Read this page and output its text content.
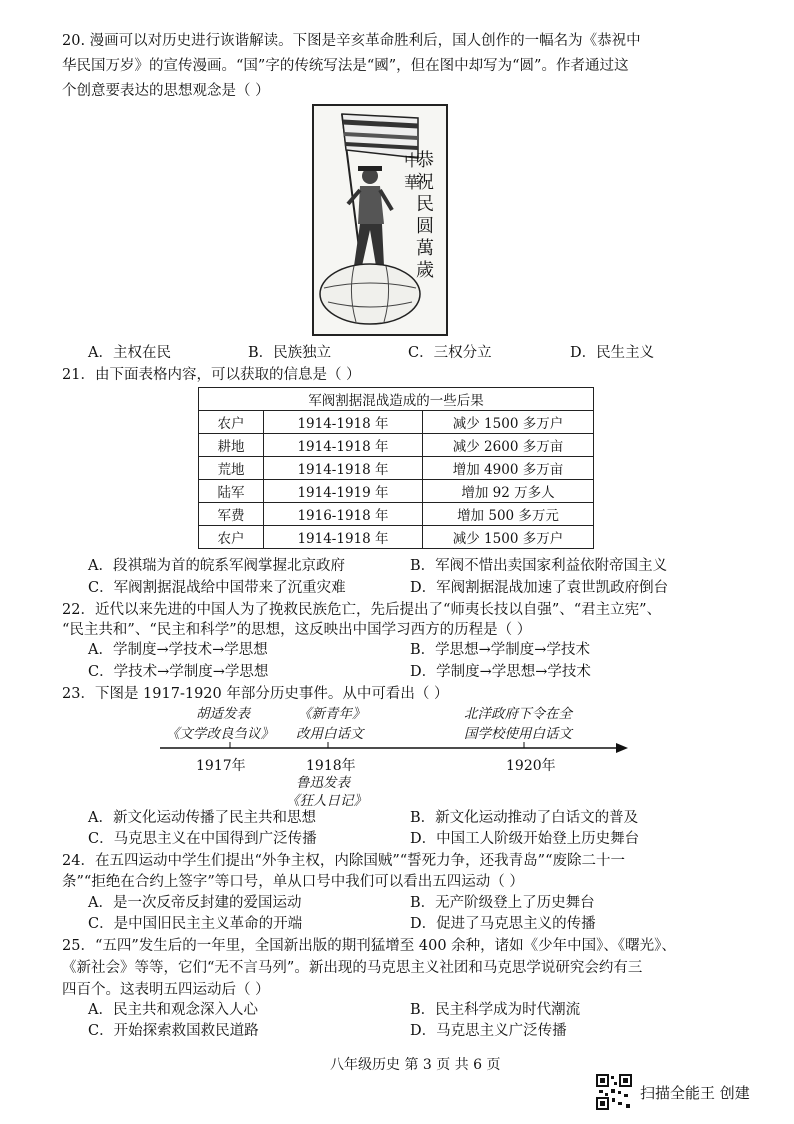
20. 漫画可以对历史进行诙谐解读。下图是辛亥革命胜利后，国人创作的一幅名为《恭祝中
华民国万岁》的宣传漫画。“国”字的传统写法是“國”，但在图中却写为“圆”。作者通过这
个创意要表达的思想观念是（ ）
恭祝民圆萬歲
中華
A．主权在民	B．民族独立	C．三权分立	D．民生主义
21．由下面表格内容，可以获取的信息是（ ）
军阀割据混战造成的一些后果		
农户	1914-1918 年	减少 1500 多万户
耕地	1914-1918 年	减少 2600 多万亩
荒地	1914-1918 年	增加 4900 多万亩
陆军	1914-1919 年	增加 92 万多人
军费	1916-1918 年	增加 500 多万元
农户	1914-1918 年	减少 1500 多万户
A．段祺瑞为首的皖系军阀掌握北京政府	B．军阀不惜出卖国家利益依附帝国主义
C．军阀割据混战给中国带来了沉重灾难	D．军阀割据混战加速了袁世凯政府倒台
22．近代以来先进的中国人为了挽救民族危亡，先后提出了“师夷长技以自强”、“君主立宪”、
“民主共和”、“民主和科学”的思想，这反映出中国学习西方的历程是（ ）
A．学制度→学技术→学思想	B．学思想→学制度→学技术
C．学技术→学制度→学思想	D．学制度→学思想→学技术
23．下图是 1917-1920 年部分历史事件。从中可看出（ ）
胡适发表
《文学改良刍议》
《新青年》
改用白话文
北洋政府下令在全
国学校使用白话文
1917年	1918年	1920年
鲁迅发表
《狂人日记》
A．新文化运动传播了民主共和思想	B．新文化运动推动了白话文的普及
C．马克思主义在中国得到广泛传播	D．中国工人阶级开始登上历史舞台
24．在五四运动中学生们提出“外争主权，内除国贼”“誓死力争，还我青岛”“废除二十一
条”“拒绝在合约上签字”等口号，单从口号中我们可以看出五四运动（ ）
A．是一次反帝反封建的爱国运动	B．无产阶级登上了历史舞台
C．是中国旧民主主义革命的开端	D．促进了马克思主义的传播
25．“五四”发生后的一年里，全国新出版的期刊猛增至 400 余种，诸如《少年中国》、《曙光》、
《新社会》等等，它们“无不言马列”。新出现的马克思主义社团和马克思学说研究会约有三
四百个。这表明五四运动后（ ）
A．民主共和观念深入人心	B．民主科学成为时代潮流
C．开始探索救国救民道路	D．马克思主义广泛传播
八年级历史 第 3 页 共 6 页
扫描全能王 创建
